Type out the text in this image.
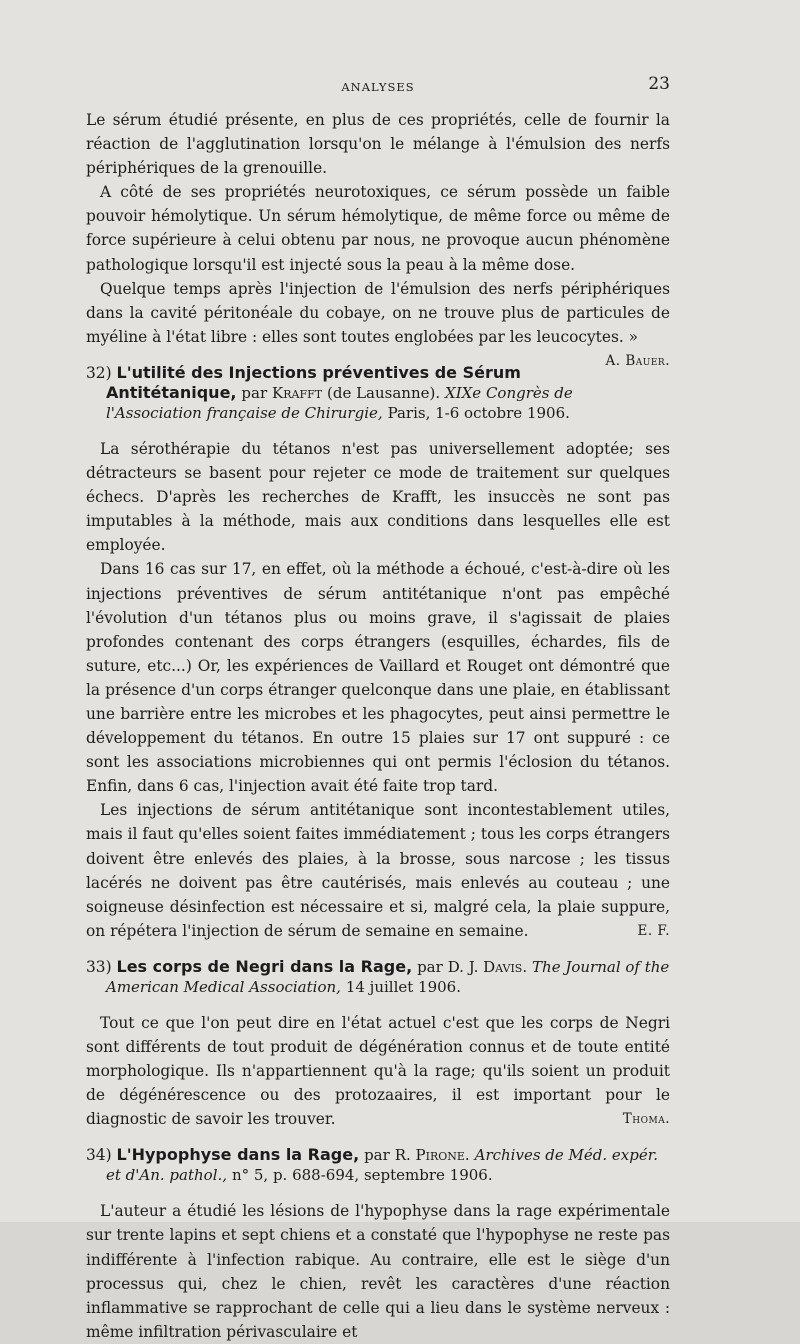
ANALYSES	23

Le sérum étudié présente, en plus de ces propriétés, celle de fournir la réaction de l'agglutination lorsqu'on le mélange à l'émulsion des nerfs périphériques de la grenouille.

A côté de ses propriétés neurotoxiques, ce sérum possède un faible pouvoir hémolytique. Un sérum hémolytique, de même force ou même de force supérieure à celui obtenu par nous, ne provoque aucun phénomène pathologique lorsqu'il est injecté sous la peau à la même dose.

Quelque temps après l'injection de l'émulsion des nerfs périphériques dans la cavité péritonéale du cobaye, on ne trouve plus de particules de myéline à l'état libre : elles sont toutes englobées par les leucocytes. »
A. Bauer.

32) L'utilité des Injections préventives de Sérum Antitétanique, par Krafft (de Lausanne). XIXe Congrès de l'Association française de Chirurgie, Paris, 1-6 octobre 1906.

La sérothérapie du tétanos n'est pas universellement adoptée; ses détracteurs se basent pour rejeter ce mode de traitement sur quelques échecs. D'après les recherches de Krafft, les insuccès ne sont pas imputables à la méthode, mais aux conditions dans lesquelles elle est employée.

Dans 16 cas sur 17, en effet, où la méthode a échoué, c'est-à-dire où les injections préventives de sérum antitétanique n'ont pas empêché l'évolution d'un tétanos plus ou moins grave, il s'agissait de plaies profondes contenant des corps étrangers (esquilles, échardes, fils de suture, etc...) Or, les expériences de Vaillard et Rouget ont démontré que la présence d'un corps étranger quelconque dans une plaie, en établissant une barrière entre les microbes et les phagocytes, peut ainsi permettre le développement du tétanos. En outre 15 plaies sur 17 ont suppuré : ce sont les associations microbiennes qui ont permis l'éclosion du tétanos. Enfin, dans 6 cas, l'injection avait été faite trop tard.

Les injections de sérum antitétanique sont incontestablement utiles, mais il faut qu'elles soient faites immédiatement ; tous les corps étrangers doivent être enlevés des plaies, à la brosse, sous narcose ; les tissus lacérés ne doivent pas être cautérisés, mais enlevés au couteau ; une soigneuse désinfection est nécessaire et si, malgré cela, la plaie suppure, on répétera l'injection de sérum de semaine en semaine.	E. F.

33) Les corps de Negri dans la Rage, par D. J. Davis. The Journal of the American Medical Association, 14 juillet 1906.

Tout ce que l'on peut dire en l'état actuel c'est que les corps de Negri sont différents de tout produit de dégénération connus et de toute entité morphologique. Ils n'appartiennent qu'à la rage; qu'ils soient un produit de dégénérescence ou des protozaaires, il est important pour le diagnostic de savoir les trouver.	Thoma.

34) L'Hypophyse dans la Rage, par R. Pirone. Archives de Méd. expér. et d'An. pathol., n° 5, p. 688-694, septembre 1906.

L'auteur a étudié les lésions de l'hypophyse dans la rage expérimentale sur trente lapins et sept chiens et a constaté que l'hypophyse ne reste pas indifférente à l'infection rabique. Au contraire, elle est le siège d'un processus qui, chez le chien, revêt les caractères d'une réaction inflammative se rapprochant de celle qui a lieu dans le système nerveux : même infiltration périvasculaire et
